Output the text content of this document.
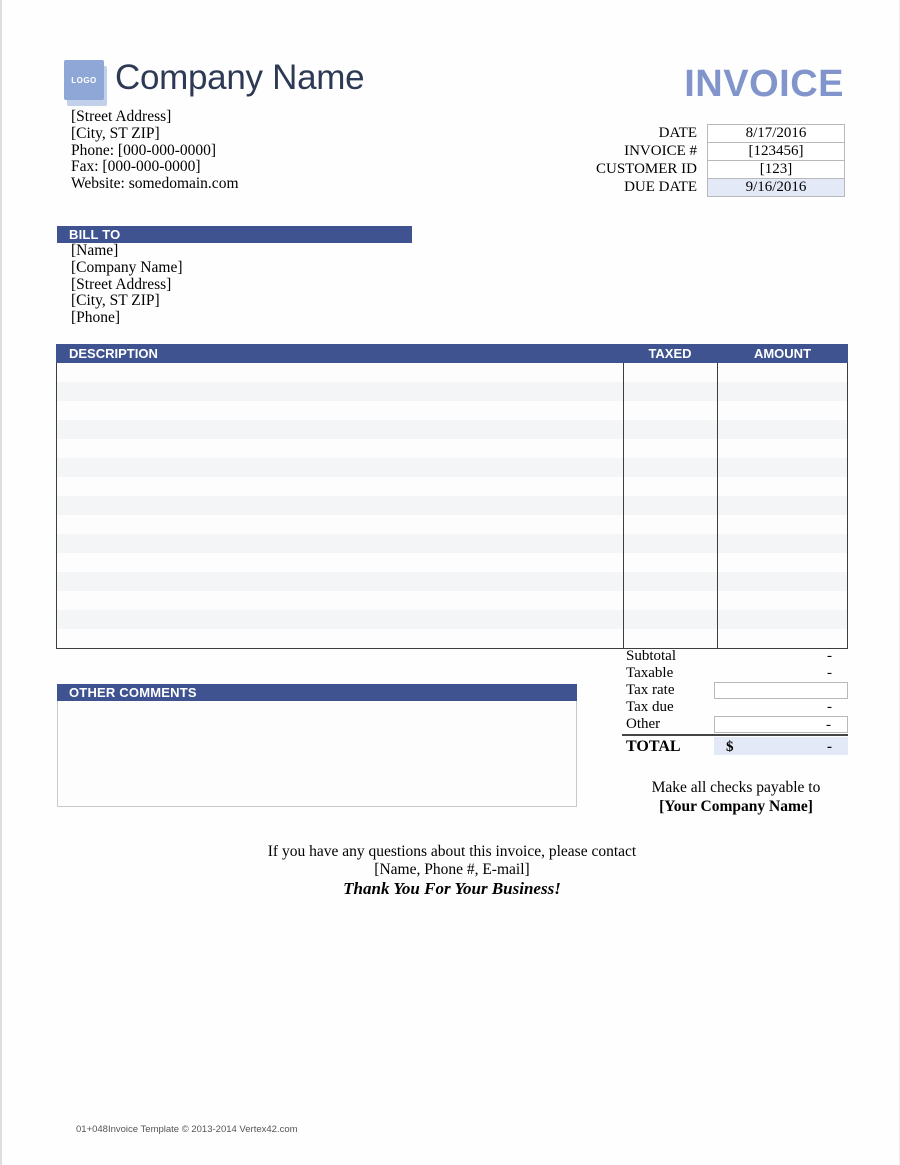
LOGO Company Name
[Street Address]
[City, ST ZIP]
Phone: [000-000-0000]
Fax: [000-000-0000]
Website: somedomain.com
INVOICE
DATE	8/17/2016
INVOICE #	[123456]
CUSTOMER ID	[123]
DUE DATE	9/16/2016
BILL TO
[Name]
[Company Name]
[Street Address]
[City, ST ZIP]
[Phone]
DESCRIPTION	TAXED	AMOUNT
Subtotal	-
Taxable	-
Tax rate
Tax due	-
Other	-
TOTAL	$	-
OTHER COMMENTS
Make all checks payable to
[Your Company Name]
If you have any questions about this invoice, please contact
[Name, Phone #, E-mail]
Thank You For Your Business!
01+048Invoice Template © 2013-2014 Vertex42.com
